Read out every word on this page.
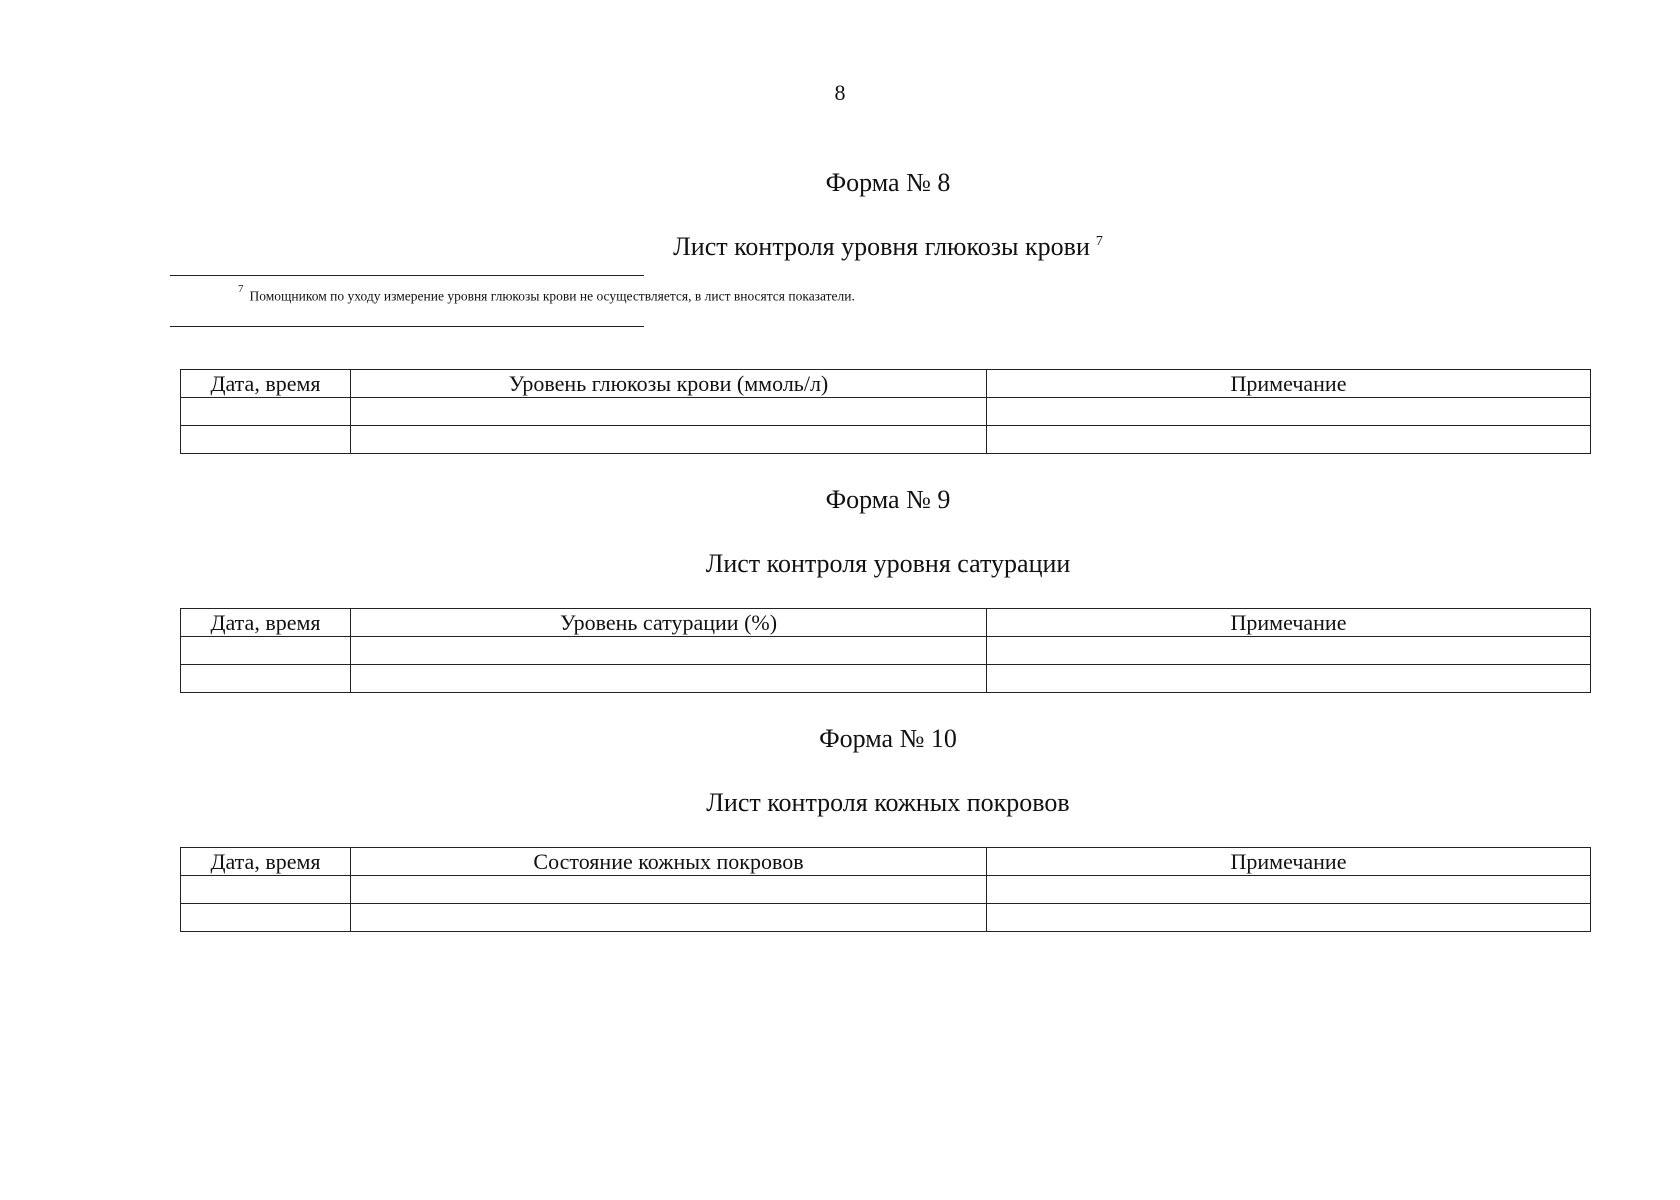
8
Форма № 8
Лист контроля уровня глюкозы крови $^7$
$^7$ Помощником по уходу измерение уровня глюкозы крови не осуществляется, в лист вносятся показатели.
Дата, время	Уровень глюкозы крови (ммоль/л)	Примечание

Форма № 9
Лист контроля уровня сатурации
Дата, время	Уровень сатурации (%)	Примечание

Форма № 10
Лист контроля кожных покровов
Дата, время	Состояние кожных покровов	Примечание
